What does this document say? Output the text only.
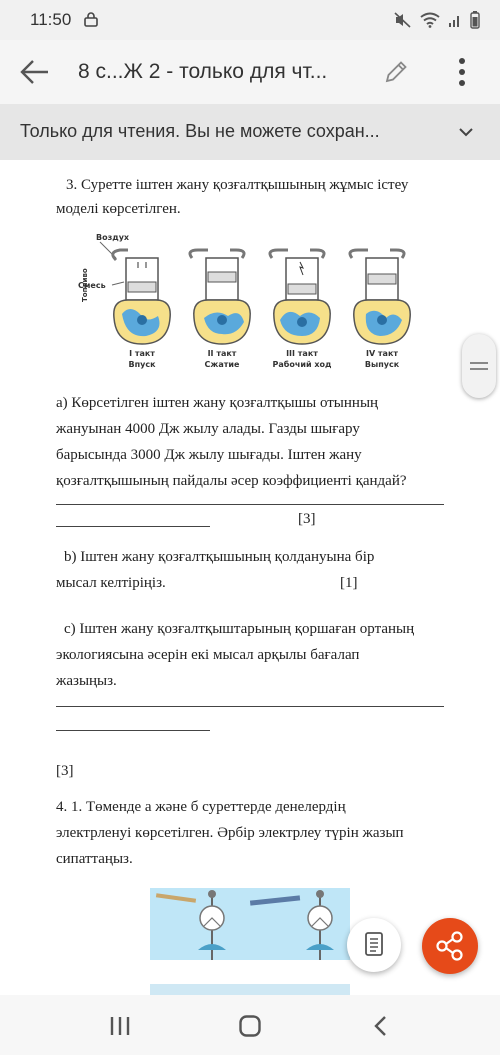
11:50
8 с...Ж 2 - только для чт...
Только для чтения. Вы не можете сохран...
3. Суретте іштен жану қозғалтқышының жұмыс істеу
моделі көрсетілген.
Воздух
Смесь
Топливо
I такт
Впуск
II такт
Сжатие
III такт
Рабочий ход
IV такт
Выпуск
а) Көрсетілген іштен жану қозғалтқышы отынның
жануынан 4000 Дж жылу алады. Газды шығару
барысында 3000 Дж жылу шығады. Іштен жану
қозғалтқышының пайдалы әсер коэффициенті қандай?
[3]
b) Іштен жану қозғалтқышының қолдануына бір
мысал келтіріңіз.	[1]
c) Іштен жану қозғалтқыштарының қоршаған ортаның
экологиясына әсерін екі мысал арқылы бағалап
жазыңыз.
[3]
4. 1. Төменде а және б суреттерде денелердің
электрленуі көрсетілген. Әрбір электрлеу түрін жазып
сипаттаңыз.
